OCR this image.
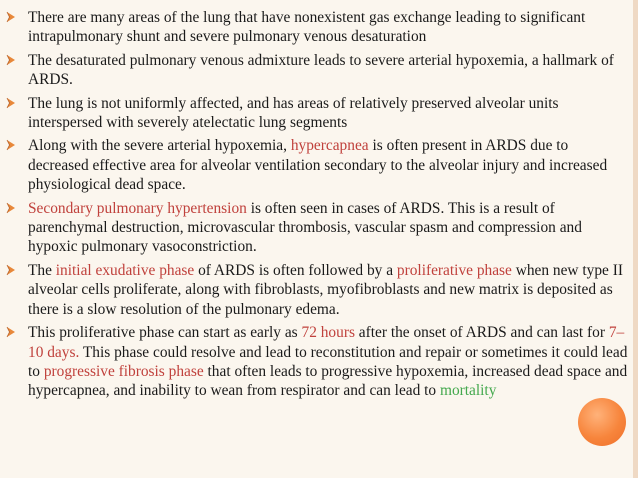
There are many areas of the lung that have nonexistent gas exchange leading to significant intrapulmonary shunt and severe pulmonary venous desaturation
The desaturated pulmonary venous admixture leads to severe arterial hypoxemia, a hallmark of ARDS.
The lung is not uniformly affected, and has areas of relatively preserved alveolar units interspersed with severely atelectatic lung segments
Along with the severe arterial hypoxemia, hypercapnea is often present in ARDS due to decreased effective area for alveolar ventilation secondary to the alveolar injury and increased physiological dead space.
Secondary pulmonary hypertension is often seen in cases of ARDS. This is a result of parenchymal destruction, microvascular thrombosis, vascular spasm and compression and hypoxic pulmonary vasoconstriction.
The initial exudative phase of ARDS is often followed by a proliferative phase when new type II alveolar cells proliferate, along with fibroblasts, myofibroblasts and new matrix is deposited as there is a slow resolution of the pulmonary edema.
This proliferative phase can start as early as 72 hours after the onset of ARDS and can last for 7–10 days. This phase could resolve and lead to reconstitution and repair or sometimes it could lead to progressive fibrosis phase that often leads to progressive hypoxemia, increased dead space and hypercapnea, and inability to wean from respirator and can lead to mortality
